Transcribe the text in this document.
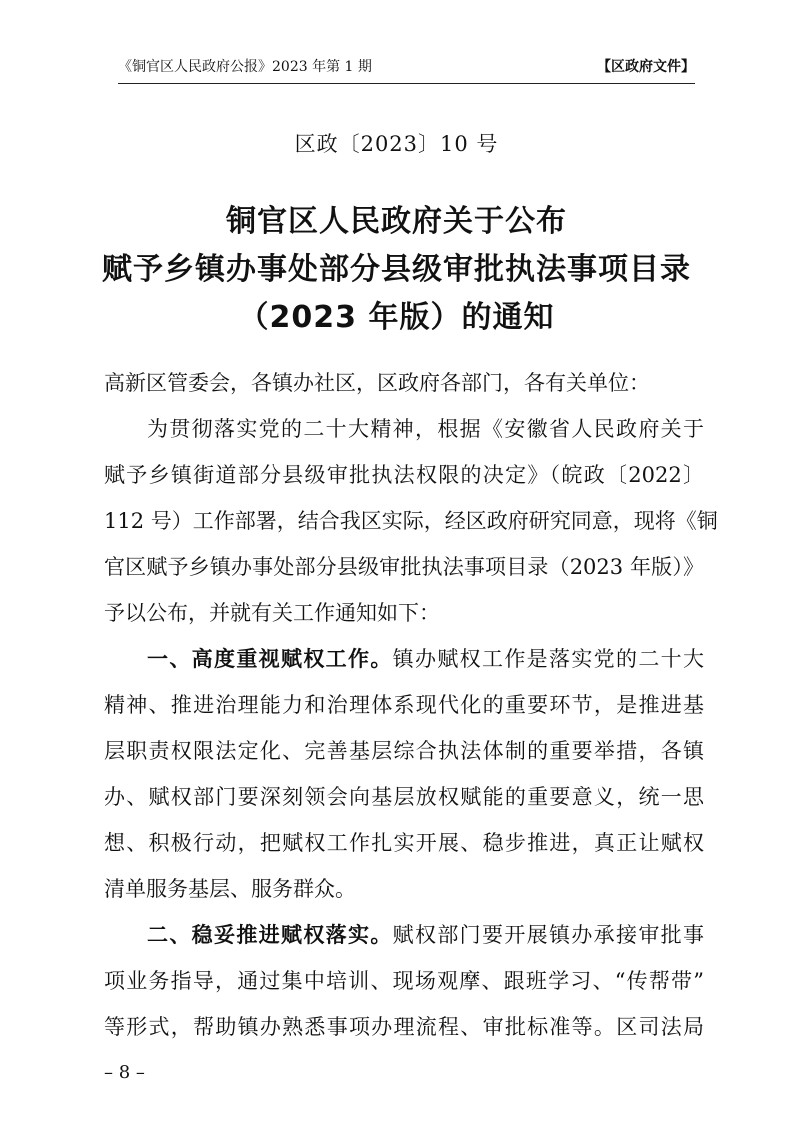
《铜官区人民政府公报》2023 年第 1 期	【区政府文件】
区政〔2023〕10 号
铜官区人民政府关于公布
赋予乡镇办事处部分县级审批执法事项目录
（2023 年版）的通知
高新区管委会，各镇办社区，区政府各部门，各有关单位：
为贯彻落实党的二十大精神，根据《安徽省人民政府关于
赋予乡镇街道部分县级审批执法权限的决定》（皖政〔2022〕
112 号）工作部署，结合我区实际，经区政府研究同意，现将《铜
官区赋予乡镇办事处部分县级审批执法事项目录（2023 年版）》
予以公布，并就有关工作通知如下：
一、高度重视赋权工作。镇办赋权工作是落实党的二十大
精神、推进治理能力和治理体系现代化的重要环节，是推进基
层职责权限法定化、完善基层综合执法体制的重要举措，各镇
办、赋权部门要深刻领会向基层放权赋能的重要意义，统一思
想、积极行动，把赋权工作扎实开展、稳步推进，真正让赋权
清单服务基层、服务群众。
二、稳妥推进赋权落实。赋权部门要开展镇办承接审批事
项业务指导，通过集中培训、现场观摩、跟班学习、“传帮带”
等形式，帮助镇办熟悉事项办理流程、审批标准等。区司法局
– 8 –
